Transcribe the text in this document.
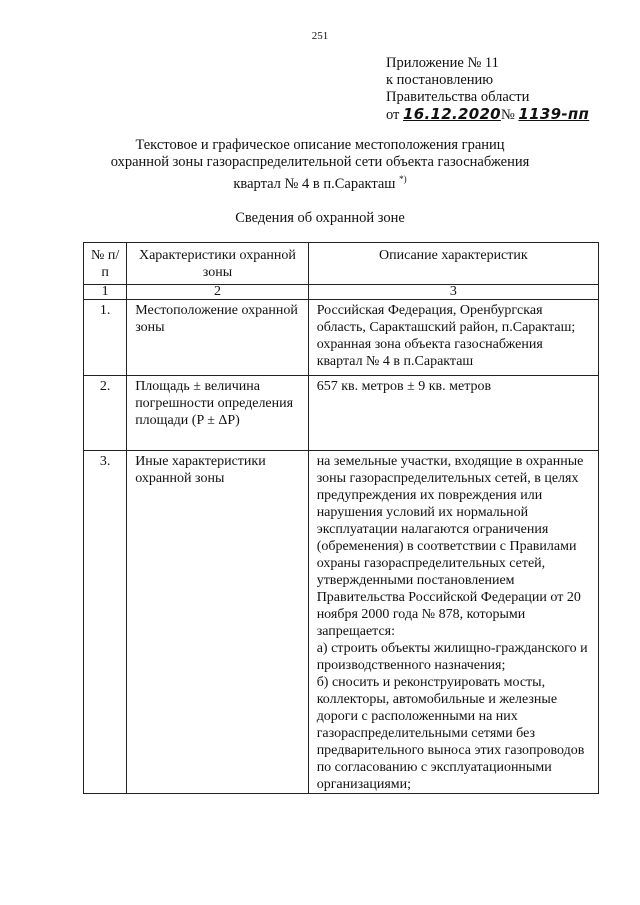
251
Приложение № 11
к постановлению
Правительства области
от 16.12.2020№ 1139-пп
Текстовое и графическое описание местоположения границ
охранной зоны газораспределительной сети объекта газоснабжения
квартал № 4 в п.Саракташ *)
Сведения об охранной зоне
№ п/п	Характеристики охранной зоны	Описание характеристик
1	2	3
1.	Местоположение охранной зоны	Российская Федерация, Оренбургская область, Саракташский район, п.Саракташ; охранная зона объекта газоснабжения квартал № 4 в п.Саракташ
2.	Площадь ± величина погрешности определения площади (P ± ΔP)	657 кв. метров ± 9 кв. метров
3.	Иные характеристики охранной зоны	на земельные участки, входящие в охранные зоны газораспределительных сетей, в целях предупреждения их повреждения или нарушения условий их нормальной эксплуатации налагаются ограничения (обременения) в соответствии с Правилами охраны газораспределительных сетей, утвержденными постановлением Правительства Российской Федерации от 20 ноября 2000 года № 878, которыми запрещается:
а) строить объекты жилищно-гражданского и производственного назначения;
б) сносить и реконструировать мосты, коллекторы, автомобильные и железные дороги с расположенными на них газораспределительными сетями без предварительного выноса этих газопроводов по согласованию с эксплуатационными организациями;
